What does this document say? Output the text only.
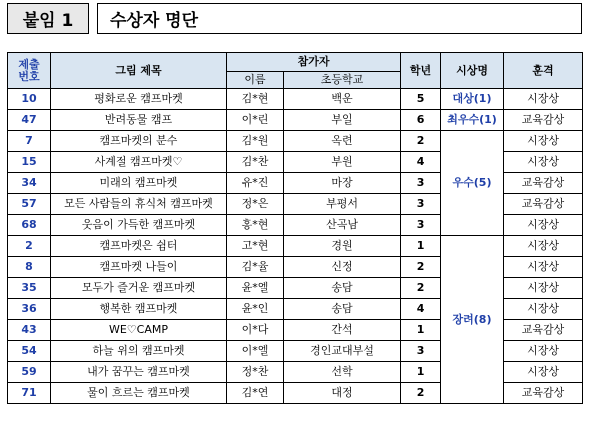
붙임 1	수상자 명단
제출
번호	그림 제목	참가자		학년	시상명	훈격
		이름	초등학교			
10	평화로운 캠프마켓	김*현	백운	5	대상(1)	시장상
47	반려동물 캠프	이*린	부일	6	최우수(1)	교육감상
7	캠프마켓의 분수	김*원	옥련	2	우수(5)	시장상
15	사계절 캠프마켓♡	김*찬	부원	4		시장상
34	미래의 캠프마켓	유*진	마장	3		교육감상
57	모든 사람들의 휴식처 캠프마켓	정*은	부평서	3		교육감상
68	웃음이 가득한 캠프마켓	홍*현	산곡남	3		시장상
2	캠프마켓은 쉼터	고*현	경원	1	장려(8)	시장상
8	캠프마켓 나들이	김*율	신정	2		시장상
35	모두가 즐거운 캠프마켓	윤*엘	송담	2		시장상
36	행복한 캠프마켓	윤*인	송담	4		시장상
43	WE♡CAMP	이*다	간석	1		교육감상
54	하늘 위의 캠프마켓	이*엘	경인교대부설	3		시장상
59	내가 꿈꾸는 캠프마켓	정*찬	선학	1		시장상
71	물이 흐르는 캠프마켓	김*연	대정	2		교육감상
